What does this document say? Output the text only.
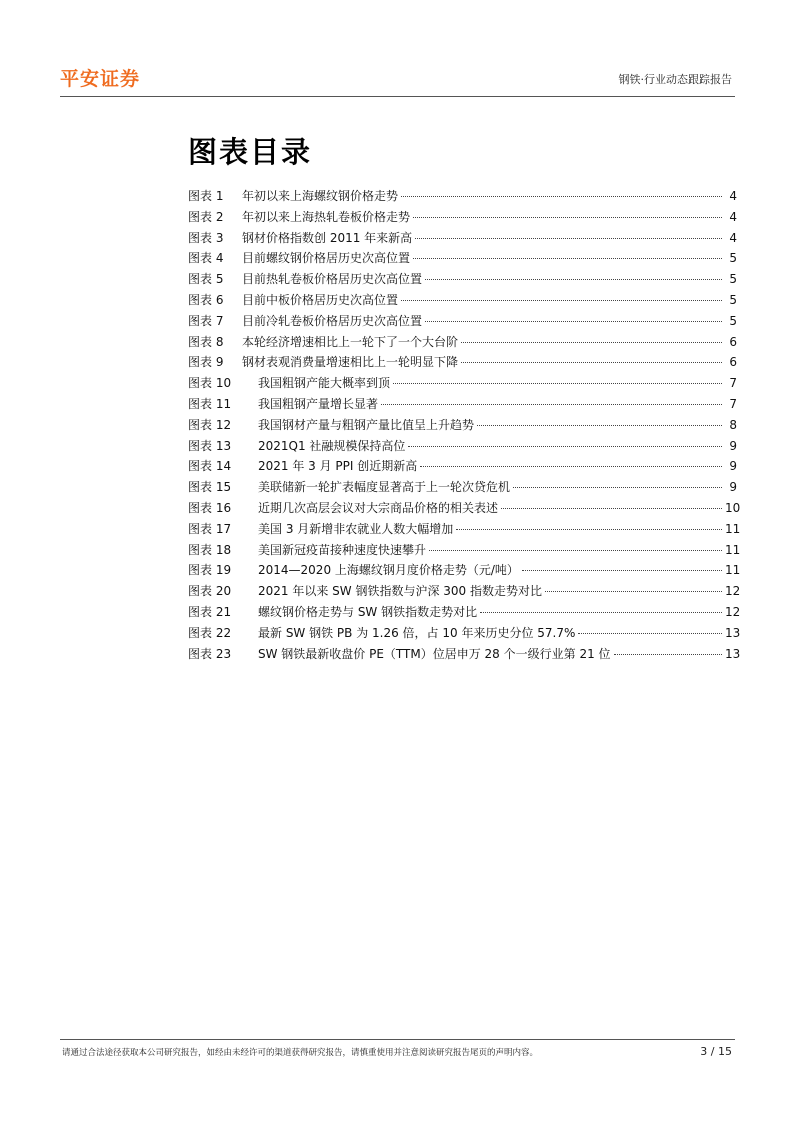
平安证券	钢铁·行业动态跟踪报告
图表目录
图表 1	年初以来上海螺纹钢价格走势	4
图表 2	年初以来上海热轧卷板价格走势	4
图表 3	钢材价格指数创 2011 年来新高	4
图表 4	目前螺纹钢价格居历史次高位置	5
图表 5	目前热轧卷板价格居历史次高位置	5
图表 6	目前中板价格居历史次高位置	5
图表 7	目前冷轧卷板价格居历史次高位置	5
图表 8	本轮经济增速相比上一轮下了一个大台阶	6
图表 9	钢材表观消费量增速相比上一轮明显下降	6
图表 10	我国粗钢产能大概率到顶	7
图表 11	我国粗钢产量增长显著	7
图表 12	我国钢材产量与粗钢产量比值呈上升趋势	8
图表 13	2021Q1 社融规模保持高位	9
图表 14	2021 年 3 月 PPI 创近期新高	9
图表 15	美联储新一轮扩表幅度显著高于上一轮次贷危机	9
图表 16	近期几次高层会议对大宗商品价格的相关表述	10
图表 17	美国 3 月新增非农就业人数大幅增加	11
图表 18	美国新冠疫苗接种速度快速攀升	11
图表 19	2014—2020 上海螺纹钢月度价格走势（元/吨）	11
图表 20	2021 年以来 SW 钢铁指数与沪深 300 指数走势对比	12
图表 21	螺纹钢价格走势与 SW 钢铁指数走势对比	12
图表 22	最新 SW 钢铁 PB 为 1.26 倍，占 10 年来历史分位 57.7%	13
图表 23	SW 钢铁最新收盘价 PE（TTM）位居申万 28 个一级行业第 21 位	13
请通过合法途径获取本公司研究报告，如经由未经许可的渠道获得研究报告，请慎重使用并注意阅读研究报告尾页的声明内容。	3 / 15
